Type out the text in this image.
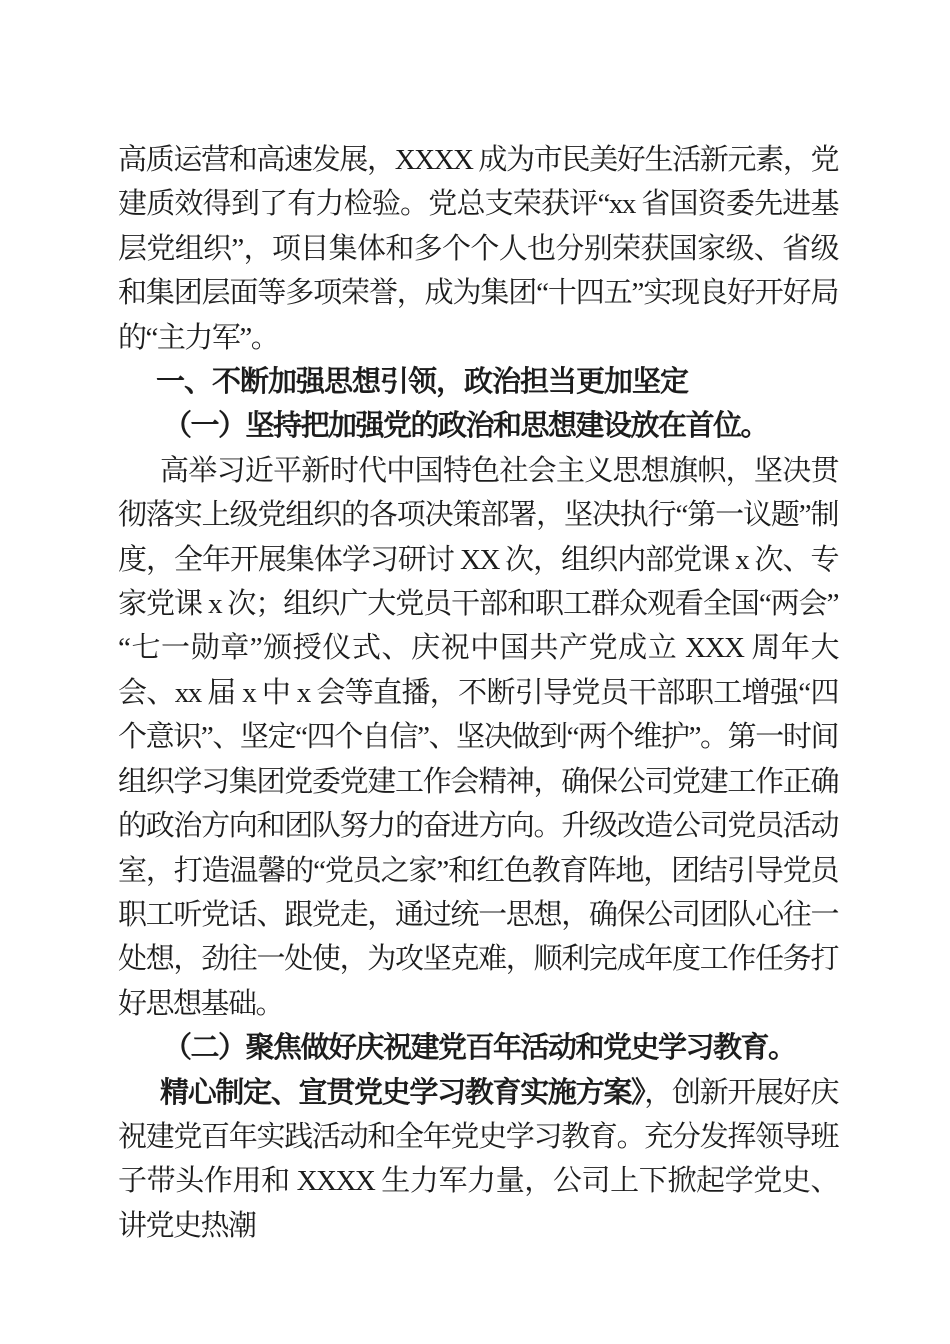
高质运营和高速发展，XXXX 成为市民美好生活新元素，党建质效得到了有力检验。党总支荣获评“xx 省国资委先进基层党组织”，项目集体和多个个人也分别荣获国家级、省级和集团层面等多项荣誉，成为集团“十四五”实现良好开好局的“主力军”。

一、不断加强思想引领，政治担当更加坚定

（一）坚持把加强党的政治和思想建设放在首位。

高举习近平新时代中国特色社会主义思想旗帜，坚决贯彻落实上级党组织的各项决策部署，坚决执行“第一议题”制度，全年开展集体学习研讨 XX 次，组织内部党课 x 次、专家党课 x 次；组织广大党员干部和职工群众观看全国“两会”“七一勋章”颁授仪式、庆祝中国共产党成立 XXX 周年大会、xx 届 x 中 x 会等直播，不断引导党员干部职工增强“四个意识”、坚定“四个自信”、坚决做到“两个维护”。第一时间组织学习集团党委党建工作会精神，确保公司党建工作正确的政治方向和团队努力的奋进方向。升级改造公司党员活动室，打造温馨的“党员之家”和红色教育阵地，团结引导党员职工听党话、跟党走，通过统一思想，确保公司团队心往一处想，劲往一处使，为攻坚克难，顺利完成年度工作任务打好思想基础。

（二）聚焦做好庆祝建党百年活动和党史学习教育。

精心制定、宣贯党史学习教育实施方案》，创新开展好庆祝建党百年实践活动和全年党史学习教育。充分发挥领导班子带头作用和 XXXX 生力军力量，公司上下掀起学党史、讲党史热潮
